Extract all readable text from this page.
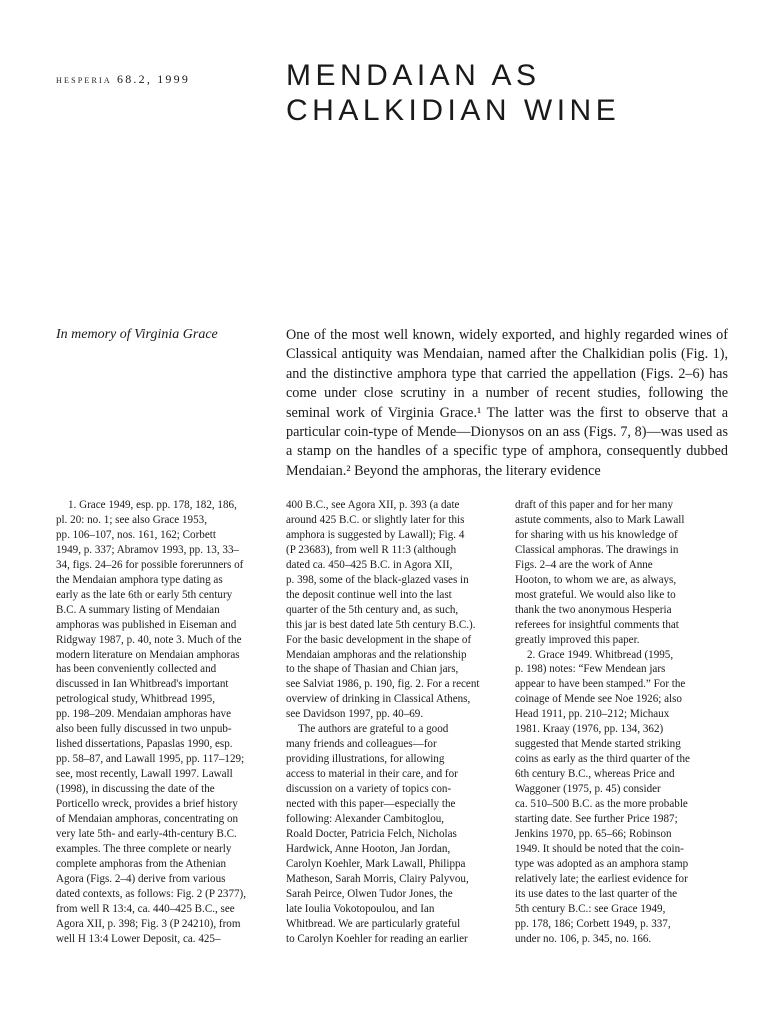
hesperia 68.2, 1999	MENDAIAN AS
CHALKIDIAN WINE
In memory of Virginia Grace	One of the most well known, widely exported, and highly regarded wines of Classical antiquity was Mendaian, named after the Chalkidian polis (Fig. 1), and the distinctive amphora type that carried the appellation (Figs. 2–6) has come under close scrutiny in a number of recent studies, following the seminal work of Virginia Grace.¹ The latter was the first to observe that a particular coin-type of Mende—Dionysos on an ass (Figs. 7, 8)—was used as a stamp on the handles of a specific type of amphora, consequently dubbed Mendaian.² Beyond the amphoras, the literary evidence

1. Grace 1949, esp. pp. 178, 182, 186,
pl. 20: no. 1; see also Grace 1953,
pp. 106–107, nos. 161, 162; Corbett
1949, p. 337; Abramov 1993, pp. 13, 33–
34, figs. 24–26 for possible forerunners of
the Mendaian amphora type dating as
early as the late 6th or early 5th century
B.C. A summary listing of Mendaian
amphoras was published in Eiseman and
Ridgway 1987, p. 40, note 3. Much of the
modern literature on Mendaian amphoras
has been conveniently collected and
discussed in Ian Whitbread's important
petrological study, Whitbread 1995,
pp. 198–209. Mendaian amphoras have
also been fully discussed in two unpub-
lished dissertations, Papaslas 1990, esp.
pp. 58–87, and Lawall 1995, pp. 117–129;
see, most recently, Lawall 1997. Lawall
(1998), in discussing the date of the
Porticello wreck, provides a brief history
of Mendaian amphoras, concentrating on
very late 5th- and early-4th-century B.C.
examples. The three complete or nearly
complete amphoras from the Athenian
Agora (Figs. 2–4) derive from various
dated contexts, as follows: Fig. 2 (P 2377),
from well R 13:4, ca. 440–425 B.C., see
Agora XII, p. 398; Fig. 3 (P 24210), from
well H 13:4 Lower Deposit, ca. 425–
400 B.C., see Agora XII, p. 393 (a date
around 425 B.C. or slightly later for this
amphora is suggested by Lawall); Fig. 4
(P 23683), from well R 11:3 (although
dated ca. 450–425 B.C. in Agora XII,
p. 398, some of the black-glazed vases in
the deposit continue well into the last
quarter of the 5th century and, as such,
this jar is best dated late 5th century B.C.).
For the basic development in the shape of
Mendaian amphoras and the relationship
to the shape of Thasian and Chian jars,
see Salviat 1986, p. 190, fig. 2. For a recent
overview of drinking in Classical Athens,
see Davidson 1997, pp. 40–69.
The authors are grateful to a good
many friends and colleagues—for
providing illustrations, for allowing
access to material in their care, and for
discussion on a variety of topics con-
nected with this paper—especially the
following: Alexander Cambitoglou,
Roald Docter, Patricia Felch, Nicholas
Hardwick, Anne Hooton, Jan Jordan,
Carolyn Koehler, Mark Lawall, Philippa
Matheson, Sarah Morris, Clairy Palyvou,
Sarah Peirce, Olwen Tudor Jones, the
late Ioulia Vokotopoulou, and Ian
Whitbread. We are particularly grateful
to Carolyn Koehler for reading an earlier
draft of this paper and for her many
astute comments, also to Mark Lawall
for sharing with us his knowledge of
Classical amphoras. The drawings in
Figs. 2–4 are the work of Anne
Hooton, to whom we are, as always,
most grateful. We would also like to
thank the two anonymous Hesperia
referees for insightful comments that
greatly improved this paper.
2. Grace 1949. Whitbread (1995,
p. 198) notes: “Few Mendean jars
appear to have been stamped.” For the
coinage of Mende see Noe 1926; also
Head 1911, pp. 210–212; Michaux
1981. Kraay (1976, pp. 134, 362)
suggested that Mende started striking
coins as early as the third quarter of the
6th century B.C., whereas Price and
Waggoner (1975, p. 45) consider
ca. 510–500 B.C. as the more probable
starting date. See further Price 1987;
Jenkins 1970, pp. 65–66; Robinson
1949. It should be noted that the coin-
type was adopted as an amphora stamp
relatively late; the earliest evidence for
its use dates to the last quarter of the
5th century B.C.: see Grace 1949,
pp. 178, 186; Corbett 1949, p. 337,
under no. 106, p. 345, no. 166.
